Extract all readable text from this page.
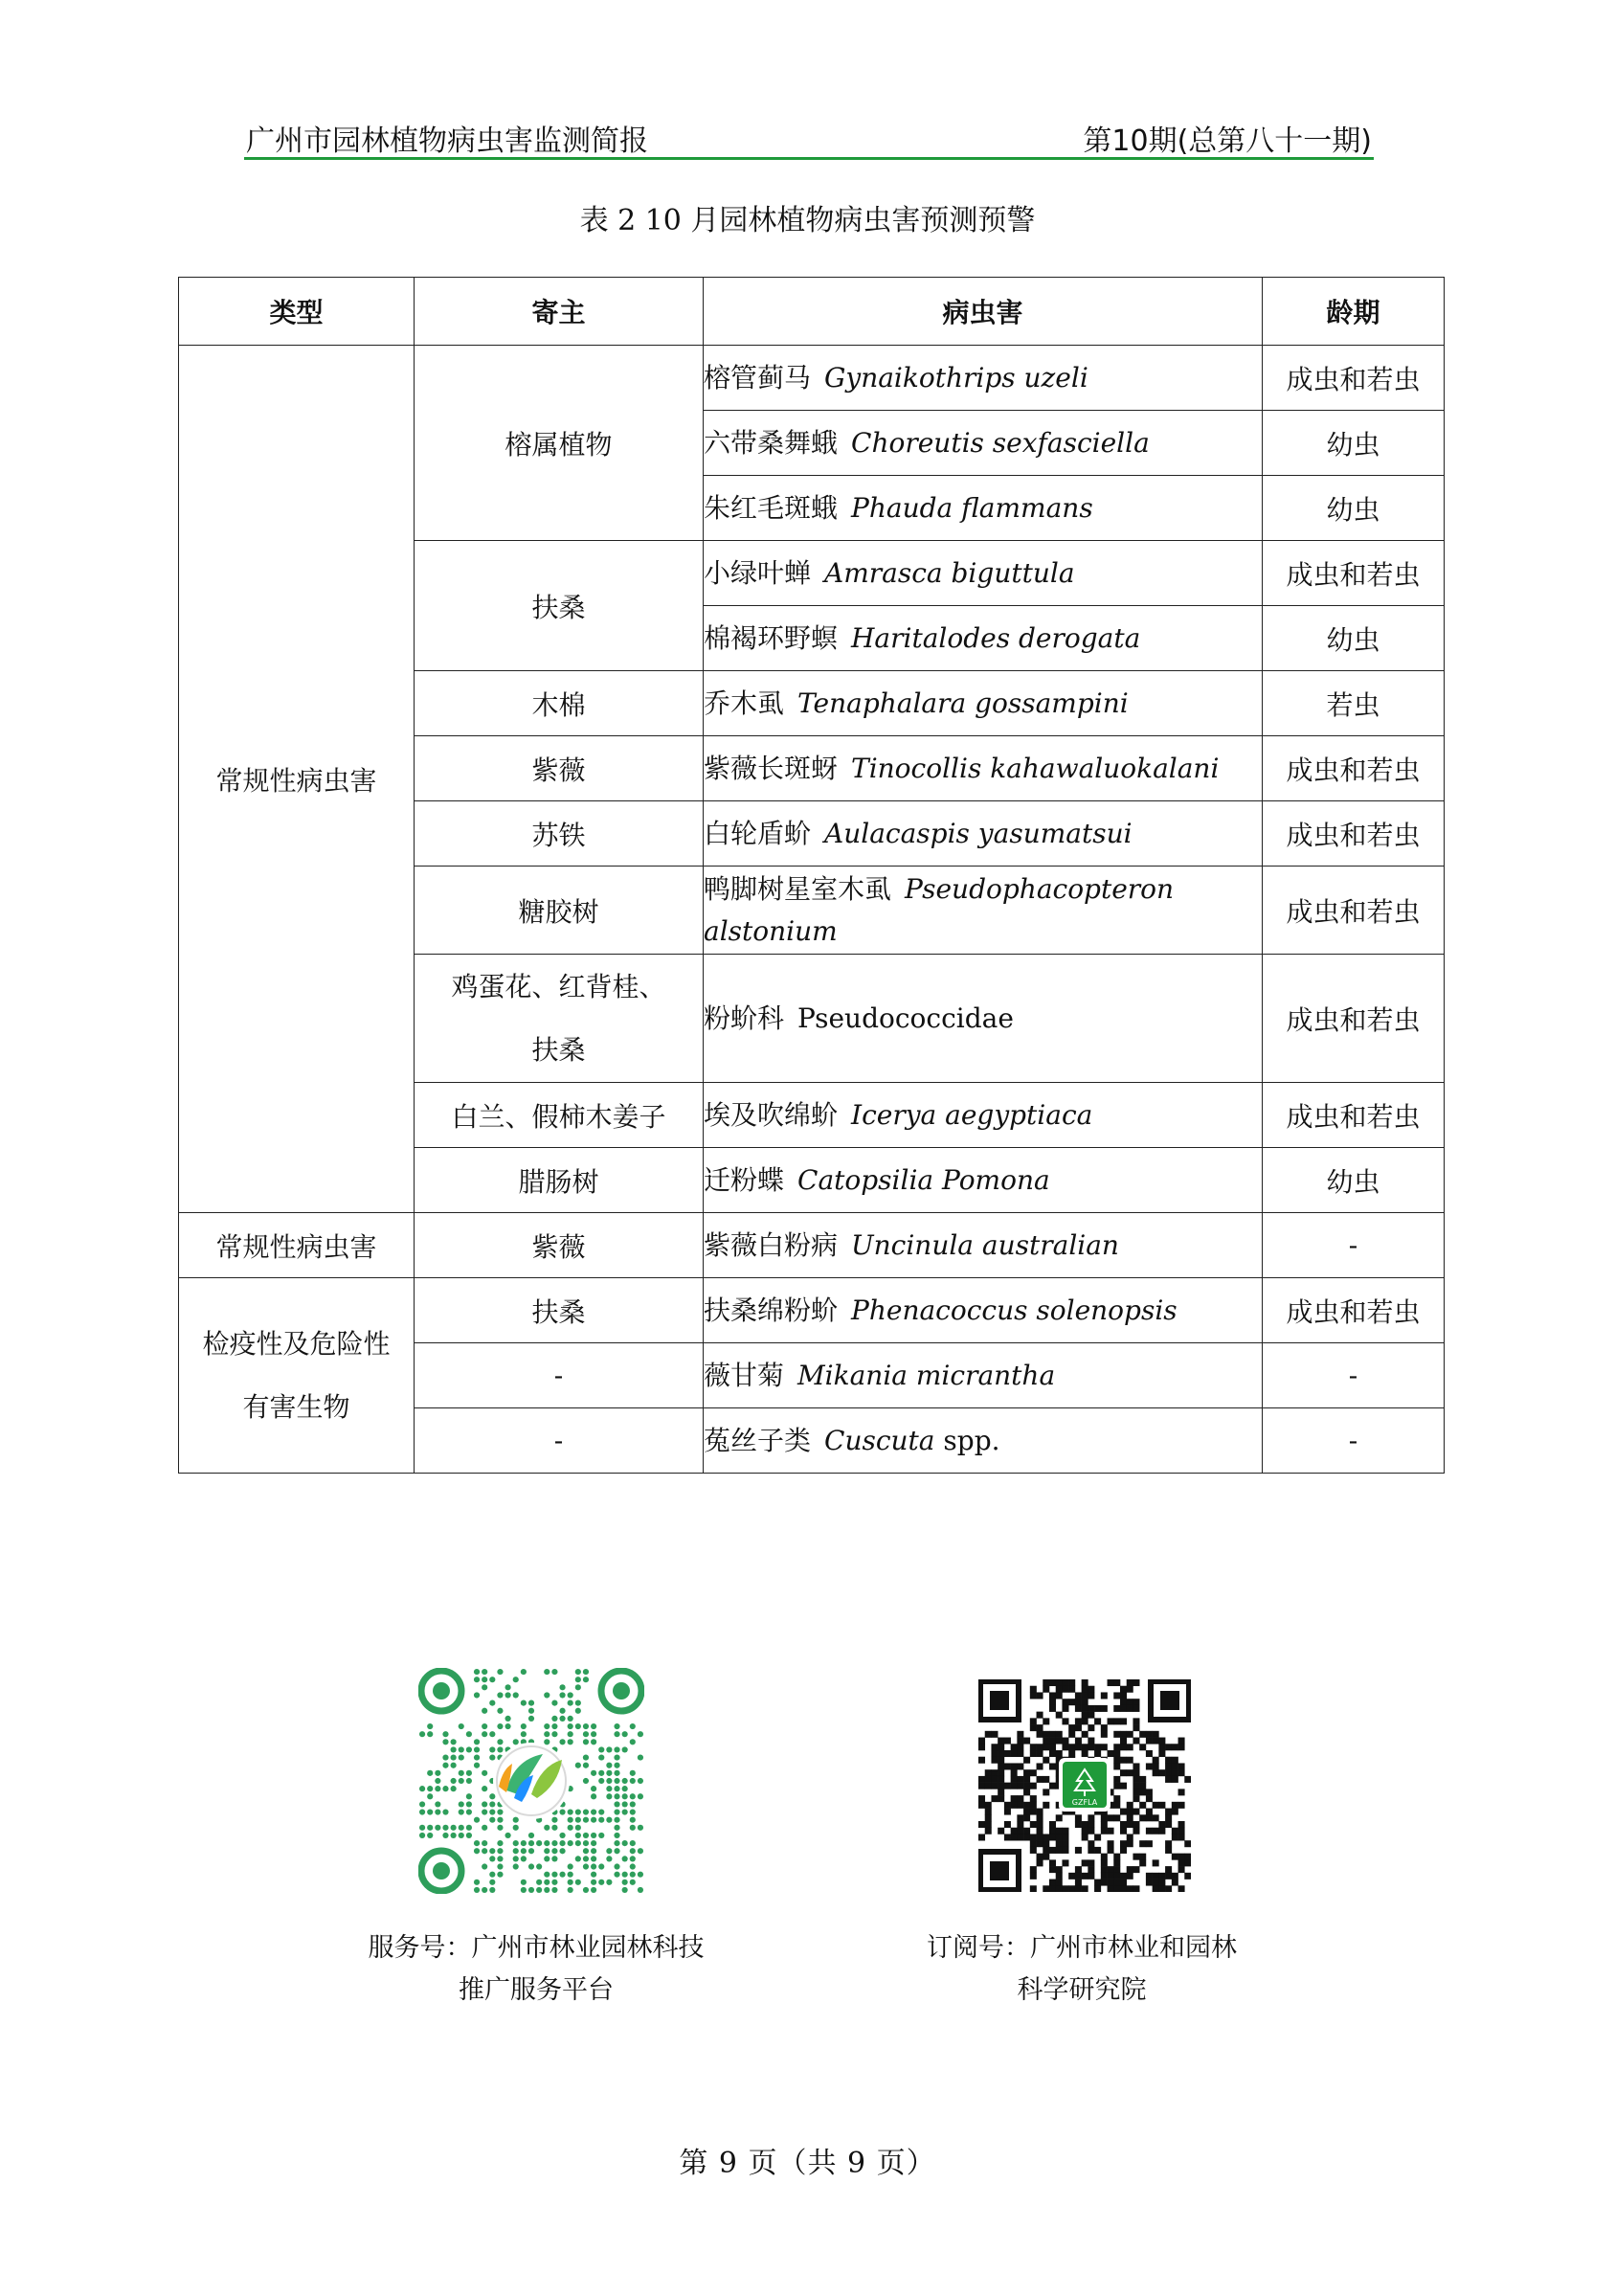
广州市园林植物病虫害监测简报	第10期(总第八十一期)
表 2 10 月园林植物病虫害预测预警
类型	寄主	病虫害	龄期
常规性病虫害	榕属植物	榕管蓟马 Gynaikothrips uzeli	成虫和若虫
		六带桑舞蛾 Choreutis sexfasciella	幼虫
		朱红毛斑蛾 Phauda flammans	幼虫
	扶桑	小绿叶蝉 Amrasca biguttula	成虫和若虫
		棉褐环野螟 Haritalodes derogata	幼虫
	木棉	乔木虱 Tenaphalara gossampini	若虫
	紫薇	紫薇长斑蚜 Tinocollis kahawaluokalani	成虫和若虫
	苏铁	白轮盾蚧 Aulacaspis yasumatsui	成虫和若虫
	糖胶树	鸭脚树星室木虱 Pseudophacopteron
alstonium	成虫和若虫
	鸡蛋花、红背桂、
扶桑	粉蚧科 Pseudococcidae	成虫和若虫
	白兰、假柿木姜子	埃及吹绵蚧 Icerya aegyptiaca	成虫和若虫
	腊肠树	迁粉蝶 Catopsilia Pomona	幼虫
常规性病虫害	紫薇	紫薇白粉病 Uncinula australian	-
检疫性及危险性
有害生物	扶桑	扶桑绵粉蚧 Phenacoccus solenopsis	成虫和若虫
	-	薇甘菊 Mikania micrantha	-
	-	菟丝子类 Cuscuta spp.	-
GZFLA
服务号：广州市林业园林科技
推广服务平台
订阅号：广州市林业和园林
科学研究院
第 9 页（共 9 页）
